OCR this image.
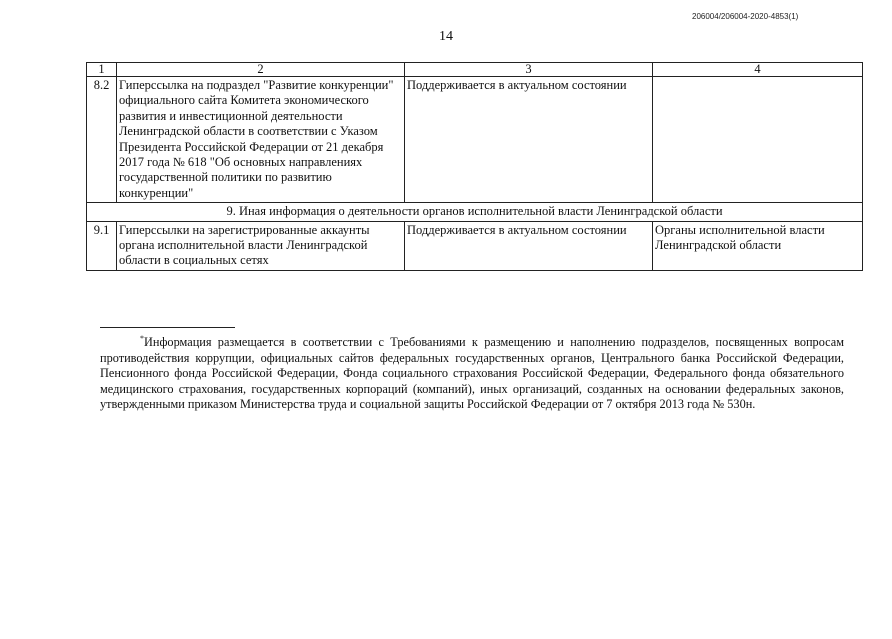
206004/206004-2020-4853(1)
14
1	2	3	4
8.2	Гиперссылка на подраздел "Развитие конкуренции" официального сайта Комитета экономического развития и инвестиционной деятельности Ленинградской области в соответствии с Указом Президента Российской Федерации от 21 декабря 2017 года № 618 "Об основных направлениях государственной политики по развитию конкуренции"	Поддерживается в актуальном состоянии	
9. Иная информация о деятельности органов исполнительной власти Ленинградской области			
9.1	Гиперссылки на зарегистрированные аккаунты органа исполнительной власти Ленинградской области в социальных сетях	Поддерживается в актуальном состоянии	Органы исполнительной власти Ленинградской области
*Информация размещается в соответствии с Требованиями к размещению и наполнению подразделов, посвященных вопросам противодействия коррупции, официальных сайтов федеральных государственных органов, Центрального банка Российской Федерации, Пенсионного фонда Российской Федерации, Фонда социального страхования Российской Федерации, Федерального фонда обязательного медицинского страхования, государственных корпораций (компаний), иных организаций, созданных на основании федеральных законов, утвержденными приказом Министерства труда и социальной защиты Российской Федерации от 7 октября 2013 года № 530н.
